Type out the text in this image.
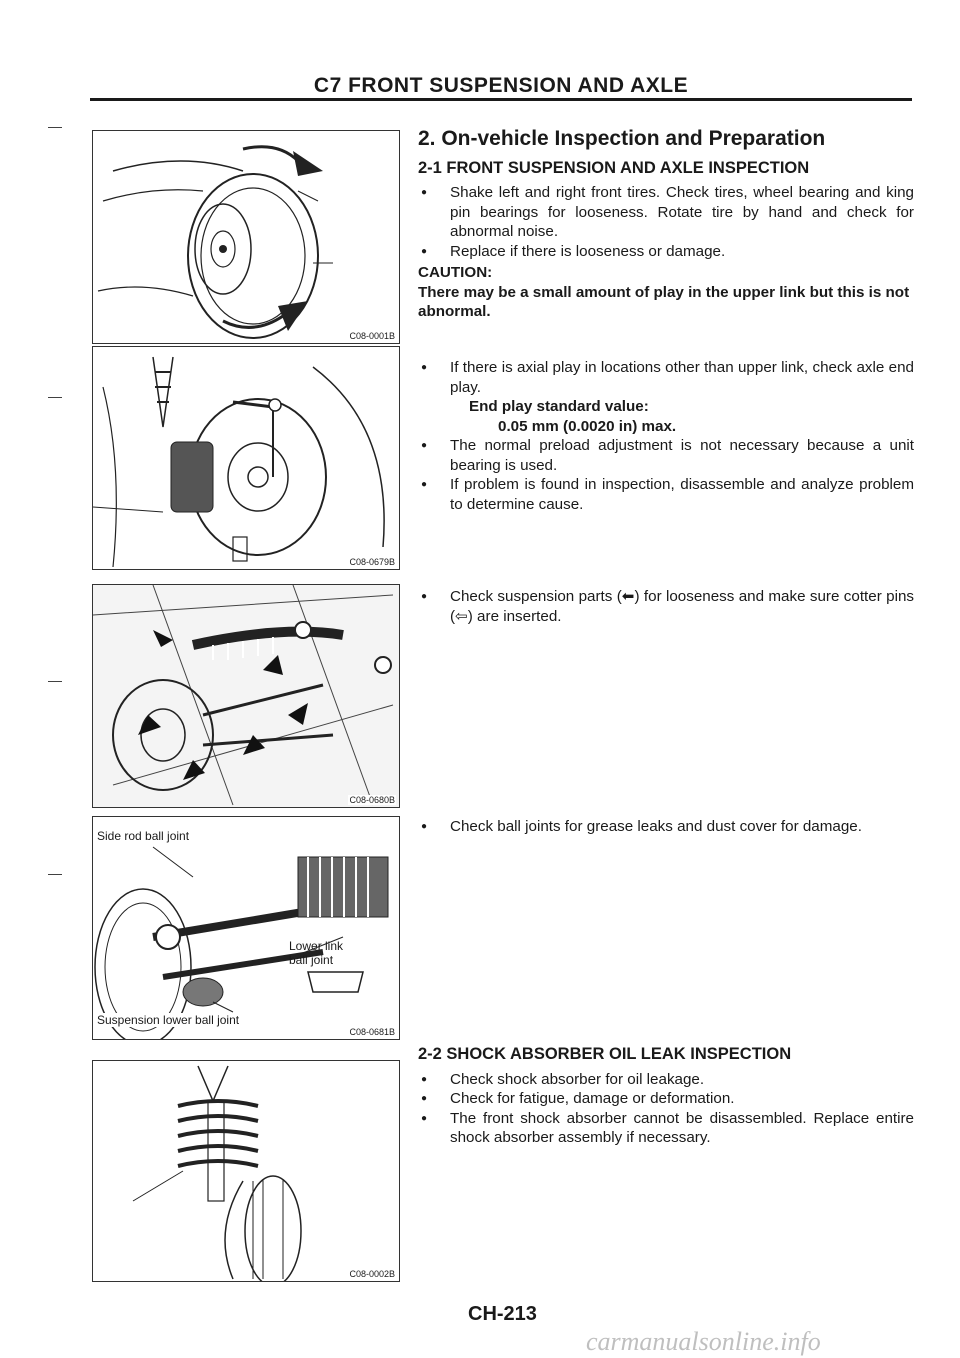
C7 FRONT SUSPENSION AND AXLE
C08-0001B
C08-0679B
C08-0680B
Side rod ball joint
Lower link ball joint
Suspension lower ball joint
C08-0681B
C08-0002B
2. On-vehicle Inspection and Preparation
2-1 FRONT SUSPENSION AND AXLE INSPECTION
● Shake left and right front tires. Check tires, wheel bearing and king pin bearings for looseness. Rotate tire by hand and check for abnormal noise.
● Replace if there is looseness or damage.
CAUTION:
There may be a small amount of play in the upper link but this is not abnormal.
● If there is axial play in locations other than upper link, check axle end play.
End play standard value:
0.05 mm (0.0020 in) max.
● The normal preload adjustment is not necessary because a unit bearing is used.
● If problem is found in inspection, disassemble and analyze problem to determine cause.
● Check suspension parts (⬅) for looseness and make sure cotter pins (⇦) are inserted.
● Check ball joints for grease leaks and dust cover for damage.
2-2 SHOCK ABSORBER OIL LEAK INSPECTION
● Check shock absorber for oil leakage.
● Check for fatigue, damage or deformation.
● The front shock absorber cannot be disassembled. Replace entire shock absorber assembly if necessary.
—
—
—
—
CH-213
carmanualsonline.info
